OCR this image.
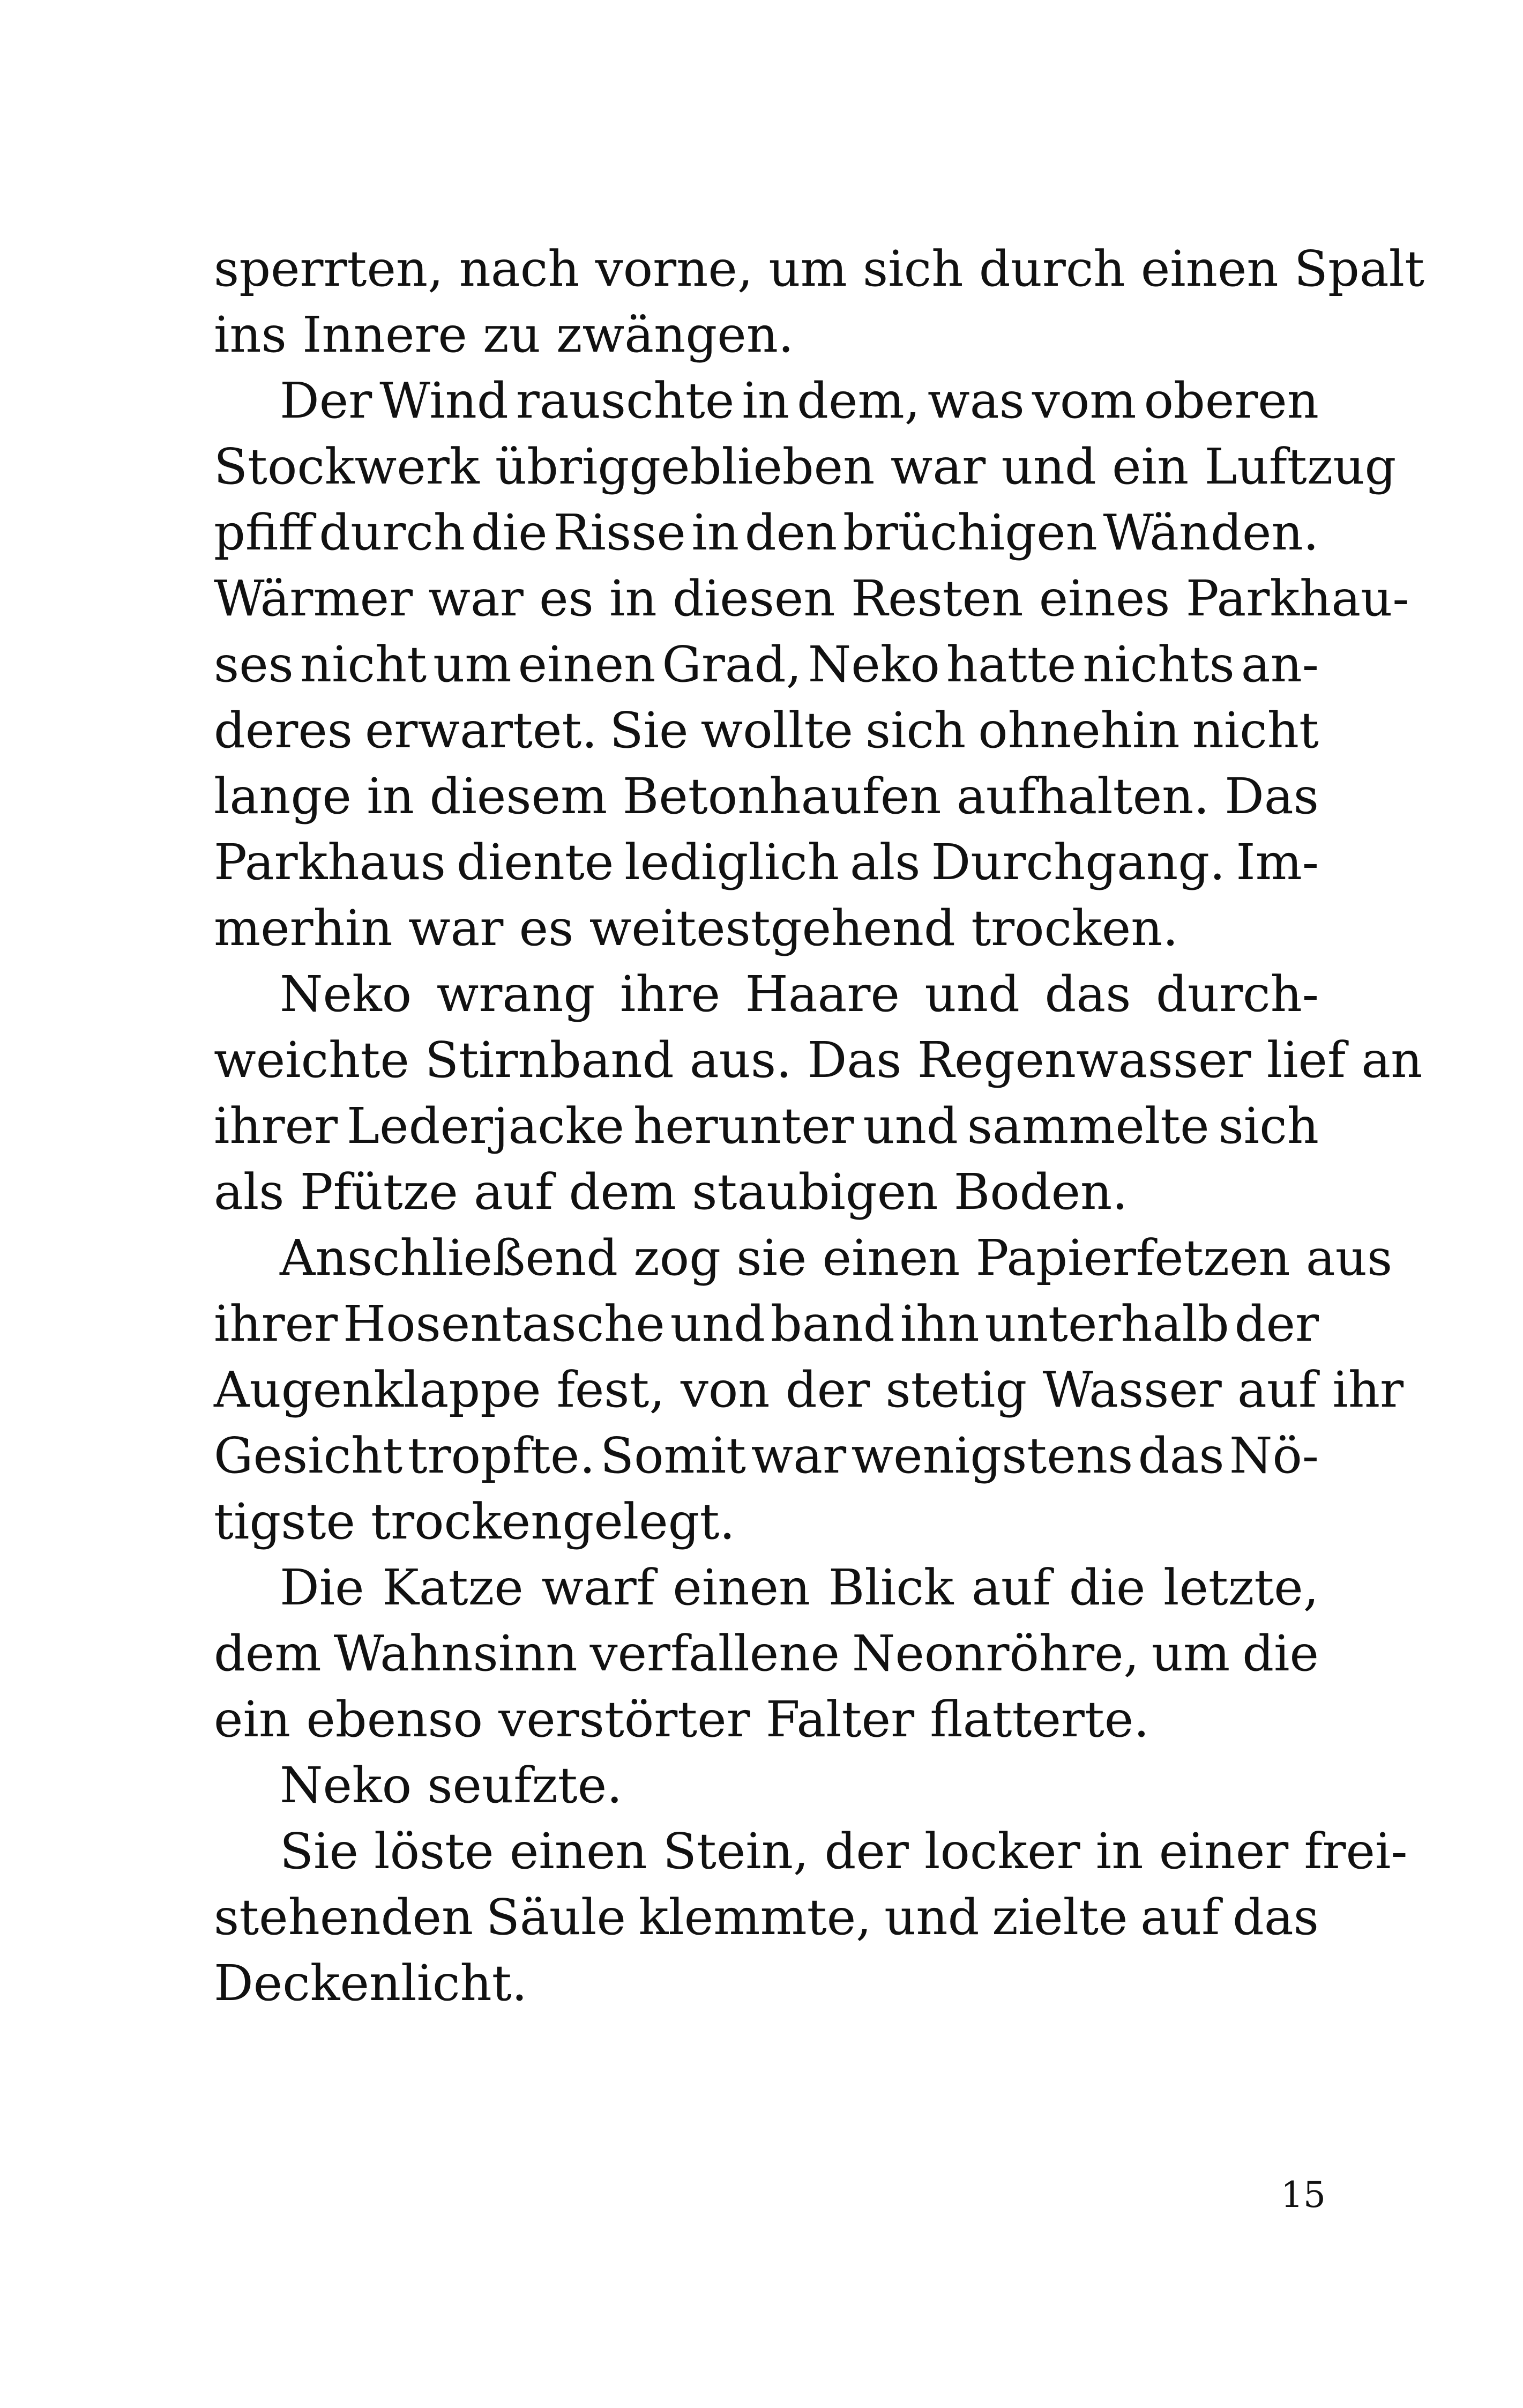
sperrten, nach vorne, um sich durch einen Spalt
ins Innere zu zwängen.
Der Wind rauschte in dem, was vom oberen
Stockwerk übriggeblieben war und ein Luftzug
pfiff durch die Risse in den brüchigen Wänden.
Wärmer war es in diesen Resten eines Parkhau-
ses nicht um einen Grad, Neko hatte nichts an-
deres erwartet. Sie wollte sich ohnehin nicht
lange in diesem Betonhaufen aufhalten. Das
Parkhaus diente lediglich als Durchgang. Im-
merhin war es weitestgehend trocken.
Neko wrang ihre Haare und das durch-
weichte Stirnband aus. Das Regenwasser lief an
ihrer Lederjacke herunter und sammelte sich
als Pfütze auf dem staubigen Boden.
Anschließend zog sie einen Papierfetzen aus
ihrer Hosentasche und band ihn unterhalb der
Augenklappe fest, von der stetig Wasser auf ihr
Gesicht tropfte. Somit war wenigstens das Nö-
tigste trockengelegt.
Die Katze warf einen Blick auf die letzte,
dem Wahnsinn verfallene Neonröhre, um die
ein ebenso verstörter Falter flatterte.
Neko seufzte.
Sie löste einen Stein, der locker in einer frei-
stehenden Säule klemmte, und zielte auf das
Deckenlicht.
15
